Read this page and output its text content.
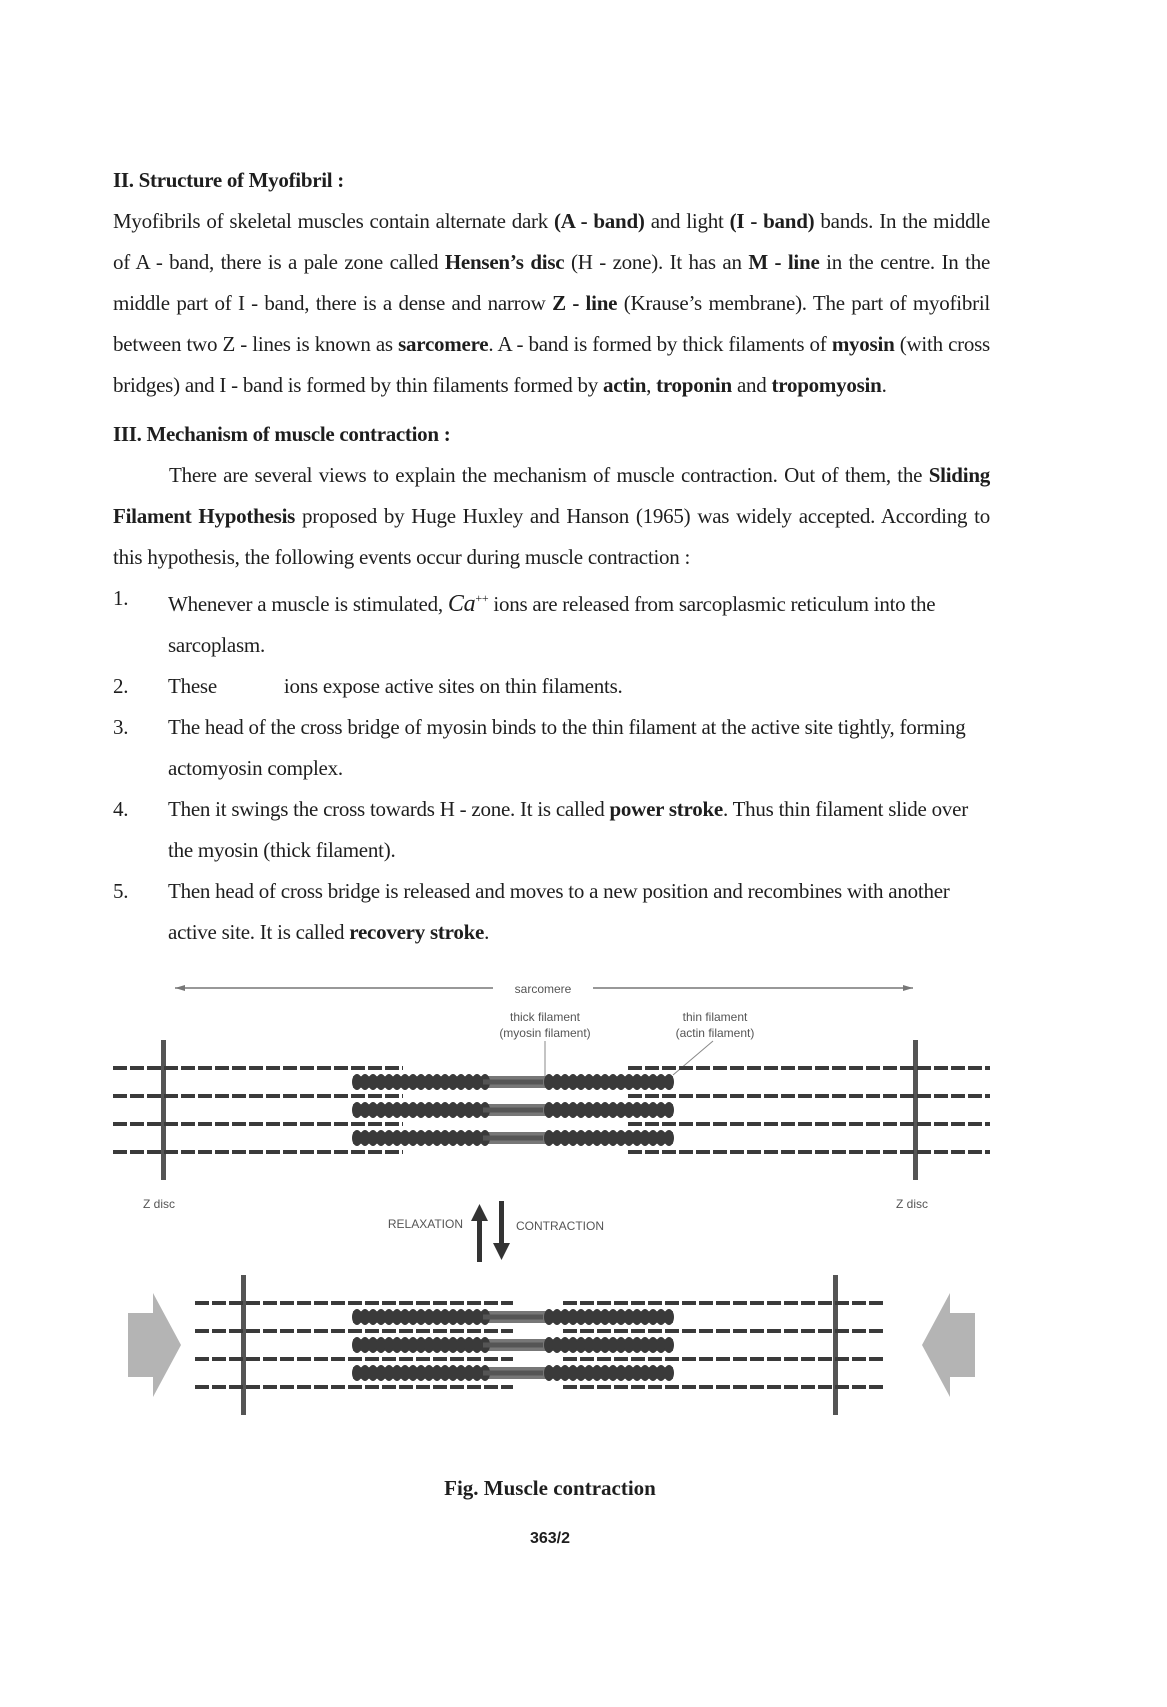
II. Structure of Myofibril :

Myofibrils of skeletal muscles contain alternate dark (A - band) and light (I - band) bands. In the middle of A - band, there is a pale zone called Hensen’s disc (H - zone). It has an M - line in the centre. In the middle part of I - band, there is a dense and narrow Z - line (Krause’s membrane). The part of myofibril between two Z - lines is known as sarcomere. A - band is formed by thick filaments of myosin (with cross bridges) and I - band is formed by thin filaments formed by actin, troponin and tropomyosin.

III. Mechanism of muscle contraction :

There are several views to explain the mechanism of muscle contraction. Out of them, the Sliding Filament Hypothesis proposed by Huge Huxley and Hanson (1965) was widely accepted. According to this hypothesis, the following events occur during muscle contraction :

1. Whenever a muscle is stimulated, Ca++ ions are released from sarcoplasmic reticulum into the sarcoplasm.
2. These	ions expose active sites on thin filaments.
3. The head of the cross bridge of myosin binds to the thin filament at the active site tightly, forming actomyosin complex.
4. Then it swings the cross towards H - zone. It is called power stroke. Thus thin filament slide over the myosin (thick filament).
5. Then head of cross bridge is released and moves to a new position and recombines with another active site. It is called recovery stroke.
sarcomere
thick filament
(myosin filament)
thin filament
(actin filament)
Z disc	Z disc
RELAXATION	CONTRACTION
Fig. Muscle contraction
363/2
